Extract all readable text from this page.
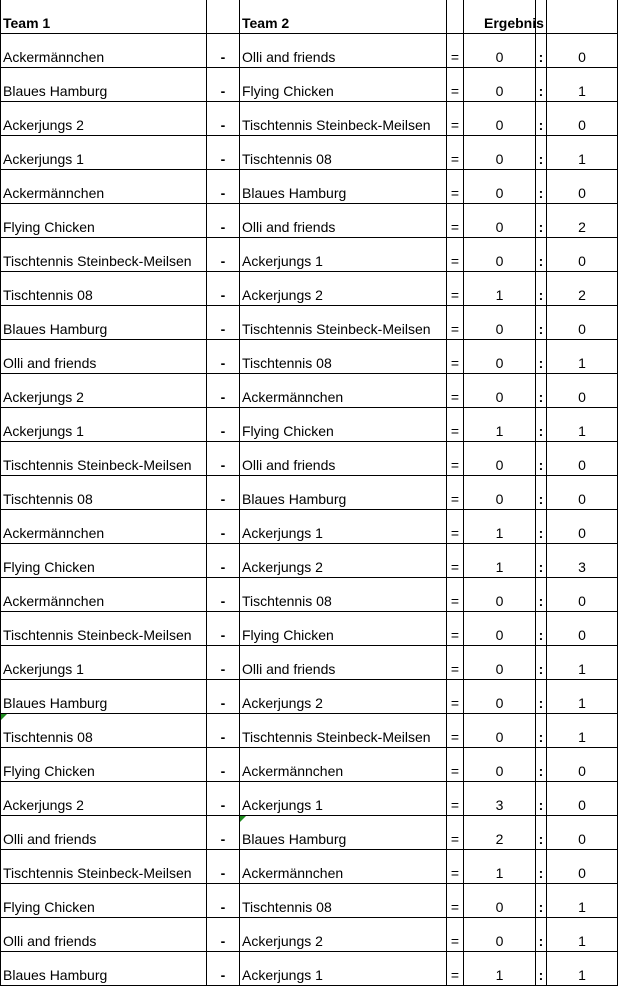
Team 1		Team 2		Ergebnis		
Ackermännchen	-	Olli and friends	=	0	:	0
Blaues Hamburg	-	Flying Chicken	=	0	:	1
Ackerjungs 2	-	Tischtennis Steinbeck-Meilsen	=	0	:	0
Ackerjungs 1	-	Tischtennis 08	=	0	:	1
Ackermännchen	-	Blaues Hamburg	=	0	:	0
Flying Chicken	-	Olli and friends	=	0	:	2
Tischtennis Steinbeck-Meilsen	-	Ackerjungs 1	=	0	:	0
Tischtennis 08	-	Ackerjungs 2	=	1	:	2
Blaues Hamburg	-	Tischtennis Steinbeck-Meilsen	=	0	:	0
Olli and friends	-	Tischtennis 08	=	0	:	1
Ackerjungs 2	-	Ackermännchen	=	0	:	0
Ackerjungs 1	-	Flying Chicken	=	1	:	1
Tischtennis Steinbeck-Meilsen	-	Olli and friends	=	0	:	0
Tischtennis 08	-	Blaues Hamburg	=	0	:	0
Ackermännchen	-	Ackerjungs 1	=	1	:	0
Flying Chicken	-	Ackerjungs 2	=	1	:	3
Ackermännchen	-	Tischtennis 08	=	0	:	0
Tischtennis Steinbeck-Meilsen	-	Flying Chicken	=	0	:	0
Ackerjungs 1	-	Olli and friends	=	0	:	1
Blaues Hamburg	-	Ackerjungs 2	=	0	:	1
Tischtennis 08	-	Tischtennis Steinbeck-Meilsen	=	0	:	1
Flying Chicken	-	Ackermännchen	=	0	:	0
Ackerjungs 2	-	Ackerjungs 1	=	3	:	0
Olli and friends	-	Blaues Hamburg	=	2	:	0
Tischtennis Steinbeck-Meilsen	-	Ackermännchen	=	1	:	0
Flying Chicken	-	Tischtennis 08	=	0	:	1
Olli and friends	-	Ackerjungs 2	=	0	:	1
Blaues Hamburg	-	Ackerjungs 1	=	1	:	1
